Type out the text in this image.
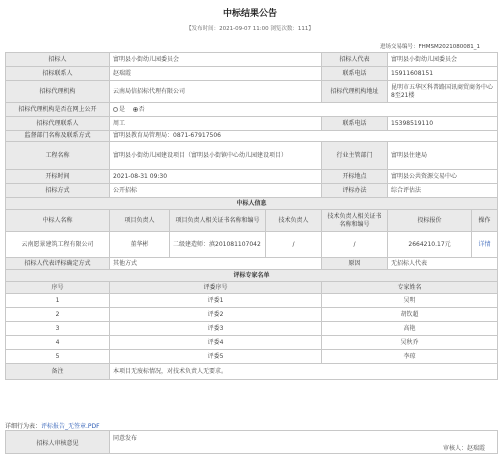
中标结果公告
【发布时间：2021-09-07 11:00 浏览次数：111】
进场交易编号：FHMSM2021080081_1
招标人	富明县小街幼儿园委员会			招标人代表	富明县小街幼儿园委员会	
招标联系人	赵瑞霞			联系电话	15911608151	
招标代理机构	云南局信招标代理有限公司			招标代理机构地址	昆明市五华区科普路国讯商贸商务中心8至21楼	
招标代理机构是否在网上公开	是 否					
招标代理联系人	周工			联系电话	15398519110	
监督部门名称及联系方式	富明县教育局管理局：0871-67917506					
工程名称	富明县小街幼儿园建设项目（富明县小街镇中心幼儿园建设项目）			行业主管部门	富明县住建局	
开标时间	2021-08-31 09:30			开标地点	富明县公共资源交易中心	
招标方式	公开招标			评标办法	综合评估法	
中标人信息						
中标人名称	项目负责人	项目负责人相关证书名称和编号	技术负责人	技术负责人相关证书名称和编号	投标报价	操作
云南愿景建筑工程有限公司	董华彬	二级建造师：滇201081107042	/	/	2664210.17元	详情
招标人代表评标确定方式	其他方式			原因	无招标人代表	
评标专家名单						
序号	评委序号			专家姓名		
1	评委1			吴明		
2	评委2			胡钦超		
3	评委3			高艳		
4	评委4			吴秋乔		
5	评委5			李琼		
备注	本项目无废标情况，对技术负责人无要求。					
详细行为表：评标报告_无签章.PDF
招标人审核意见	
同意发布
审核人：赵瑞霞
